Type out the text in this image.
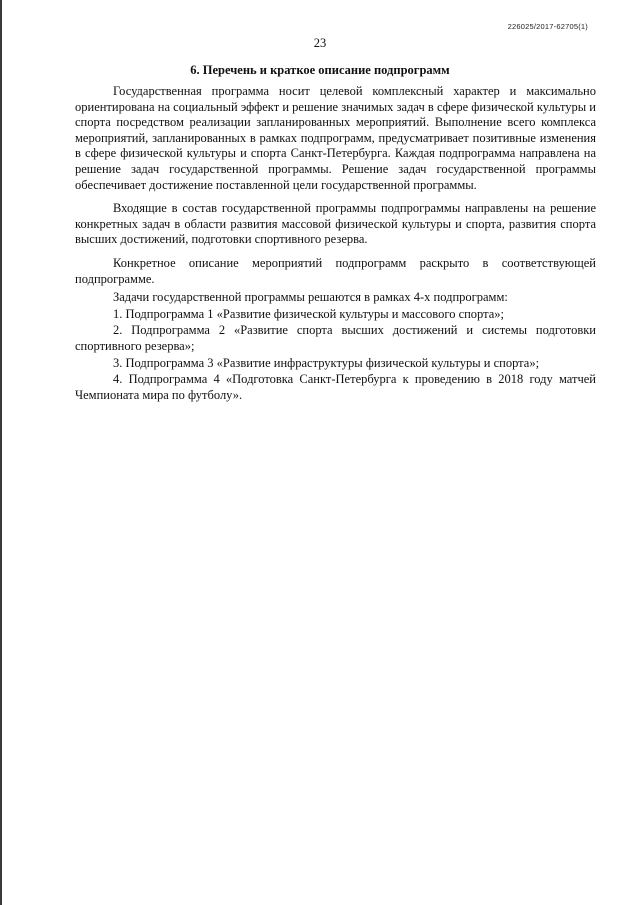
226025/2017-62705(1)
23
6. Перечень и краткое описание подпрограмм

Государственная программа носит целевой комплексный характер и максимально ориентирована на социальный эффект и решение значимых задач в сфере физической культуры и спорта посредством реализации запланированных мероприятий. Выполнение всего комплекса мероприятий, запланированных в рамках подпрограмм, предусматривает позитивные изменения в сфере физической культуры и спорта Санкт-Петербурга. Каждая подпрограмма направлена на решение задач государственной программы. Решение задач государственной программы обеспечивает достижение поставленной цели государственной программы.

Входящие в состав государственной программы подпрограммы направлены на решение конкретных задач в области развития массовой физической культуры и спорта, развития спорта высших достижений, подготовки спортивного резерва.

Конкретное описание мероприятий подпрограмм раскрыто в соответствующей подпрограмме.

Задачи государственной программы решаются в рамках 4-х подпрограмм:

1. Подпрограмма 1 «Развитие физической культуры и массового спорта»;

2. Подпрограмма 2 «Развитие спорта высших достижений и системы подготовки спортивного резерва»;

3. Подпрограмма 3 «Развитие инфраструктуры физической культуры и спорта»;

4. Подпрограмма 4 «Подготовка Санкт-Петербурга к проведению в 2018 году матчей Чемпионата мира по футболу».
